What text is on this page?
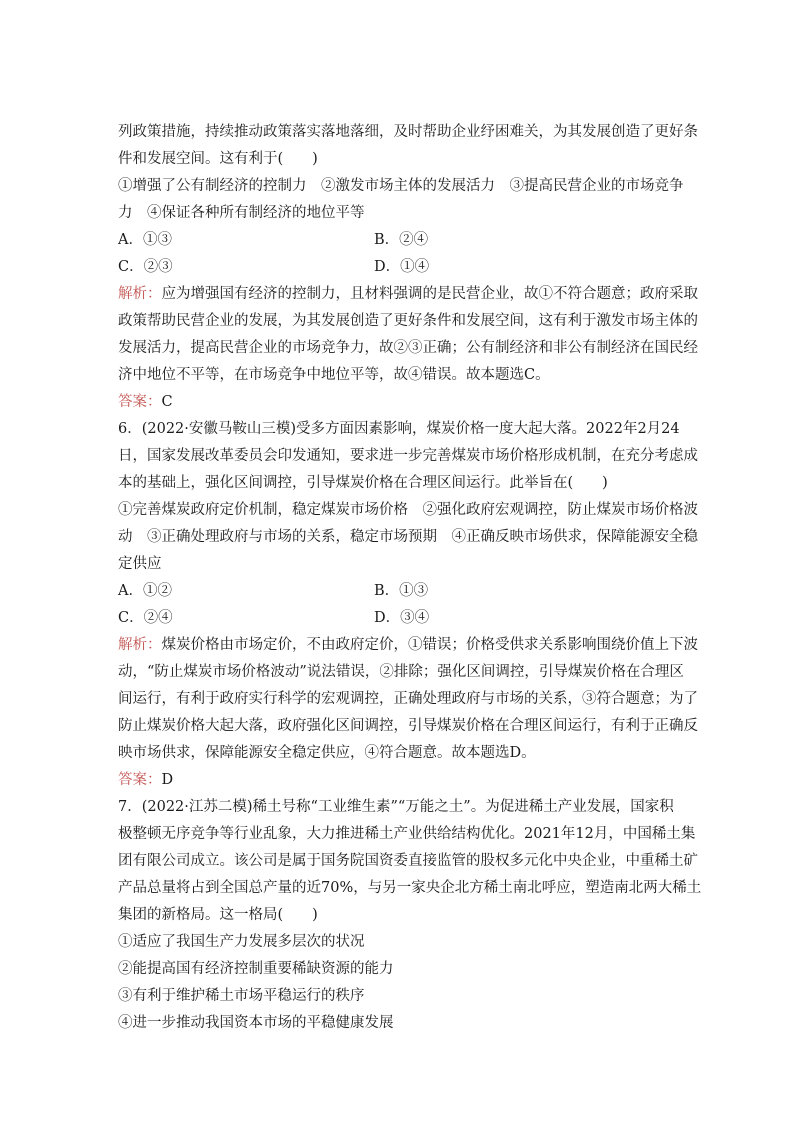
列政策措施，持续推动政策落实落地落细，及时帮助企业纾困难关，为其发展创造了更好条
件和发展空间。这有利于(　　)
①增强了公有制经济的控制力　②激发市场主体的发展活力　③提高民营企业的市场竞争
力　④保证各种所有制经济的地位平等
A．①③	B．②④
C．②③	D．①④
解析：应为增强国有经济的控制力，且材料强调的是民营企业，故①不符合题意；政府采取
政策帮助民营企业的发展，为其发展创造了更好条件和发展空间，这有利于激发市场主体的
发展活力，提高民营企业的市场竞争力，故②③正确；公有制经济和非公有制经济在国民经
济中地位不平等，在市场竞争中地位平等，故④错误。故本题选C。
答案：C
6．(2022·安徽马鞍山三模)受多方面因素影响，煤炭价格一度大起大落。2022年2月24
日，国家发展改革委员会印发通知，要求进一步完善煤炭市场价格形成机制，在充分考虑成
本的基础上，强化区间调控，引导煤炭价格在合理区间运行。此举旨在(　　)
①完善煤炭政府定价机制，稳定煤炭市场价格　②强化政府宏观调控，防止煤炭市场价格波
动　③正确处理政府与市场的关系，稳定市场预期　④正确反映市场供求，保障能源安全稳
定供应
A．①②	B．①③
C．②④	D．③④
解析：煤炭价格由市场定价，不由政府定价，①错误；价格受供求关系影响围绕价值上下波
动，“防止煤炭市场价格波动”说法错误，②排除；强化区间调控，引导煤炭价格在合理区
间运行，有利于政府实行科学的宏观调控，正确处理政府与市场的关系，③符合题意；为了
防止煤炭价格大起大落，政府强化区间调控，引导煤炭价格在合理区间运行，有利于正确反
映市场供求，保障能源安全稳定供应，④符合题意。故本题选D。
答案：D
7．(2022·江苏二模)稀土号称“工业维生素”“万能之土”。为促进稀土产业发展，国家积
极整顿无序竞争等行业乱象，大力推进稀土产业供给结构优化。2021年12月，中国稀土集
团有限公司成立。该公司是属于国务院国资委直接监管的股权多元化中央企业，中重稀土矿
产品总量将占到全国总产量的近70%，与另一家央企北方稀土南北呼应，塑造南北两大稀土
集团的新格局。这一格局(　　)
①适应了我国生产力发展多层次的状况
②能提高国有经济控制重要稀缺资源的能力
③有利于维护稀土市场平稳运行的秩序
④进一步推动我国资本市场的平稳健康发展
